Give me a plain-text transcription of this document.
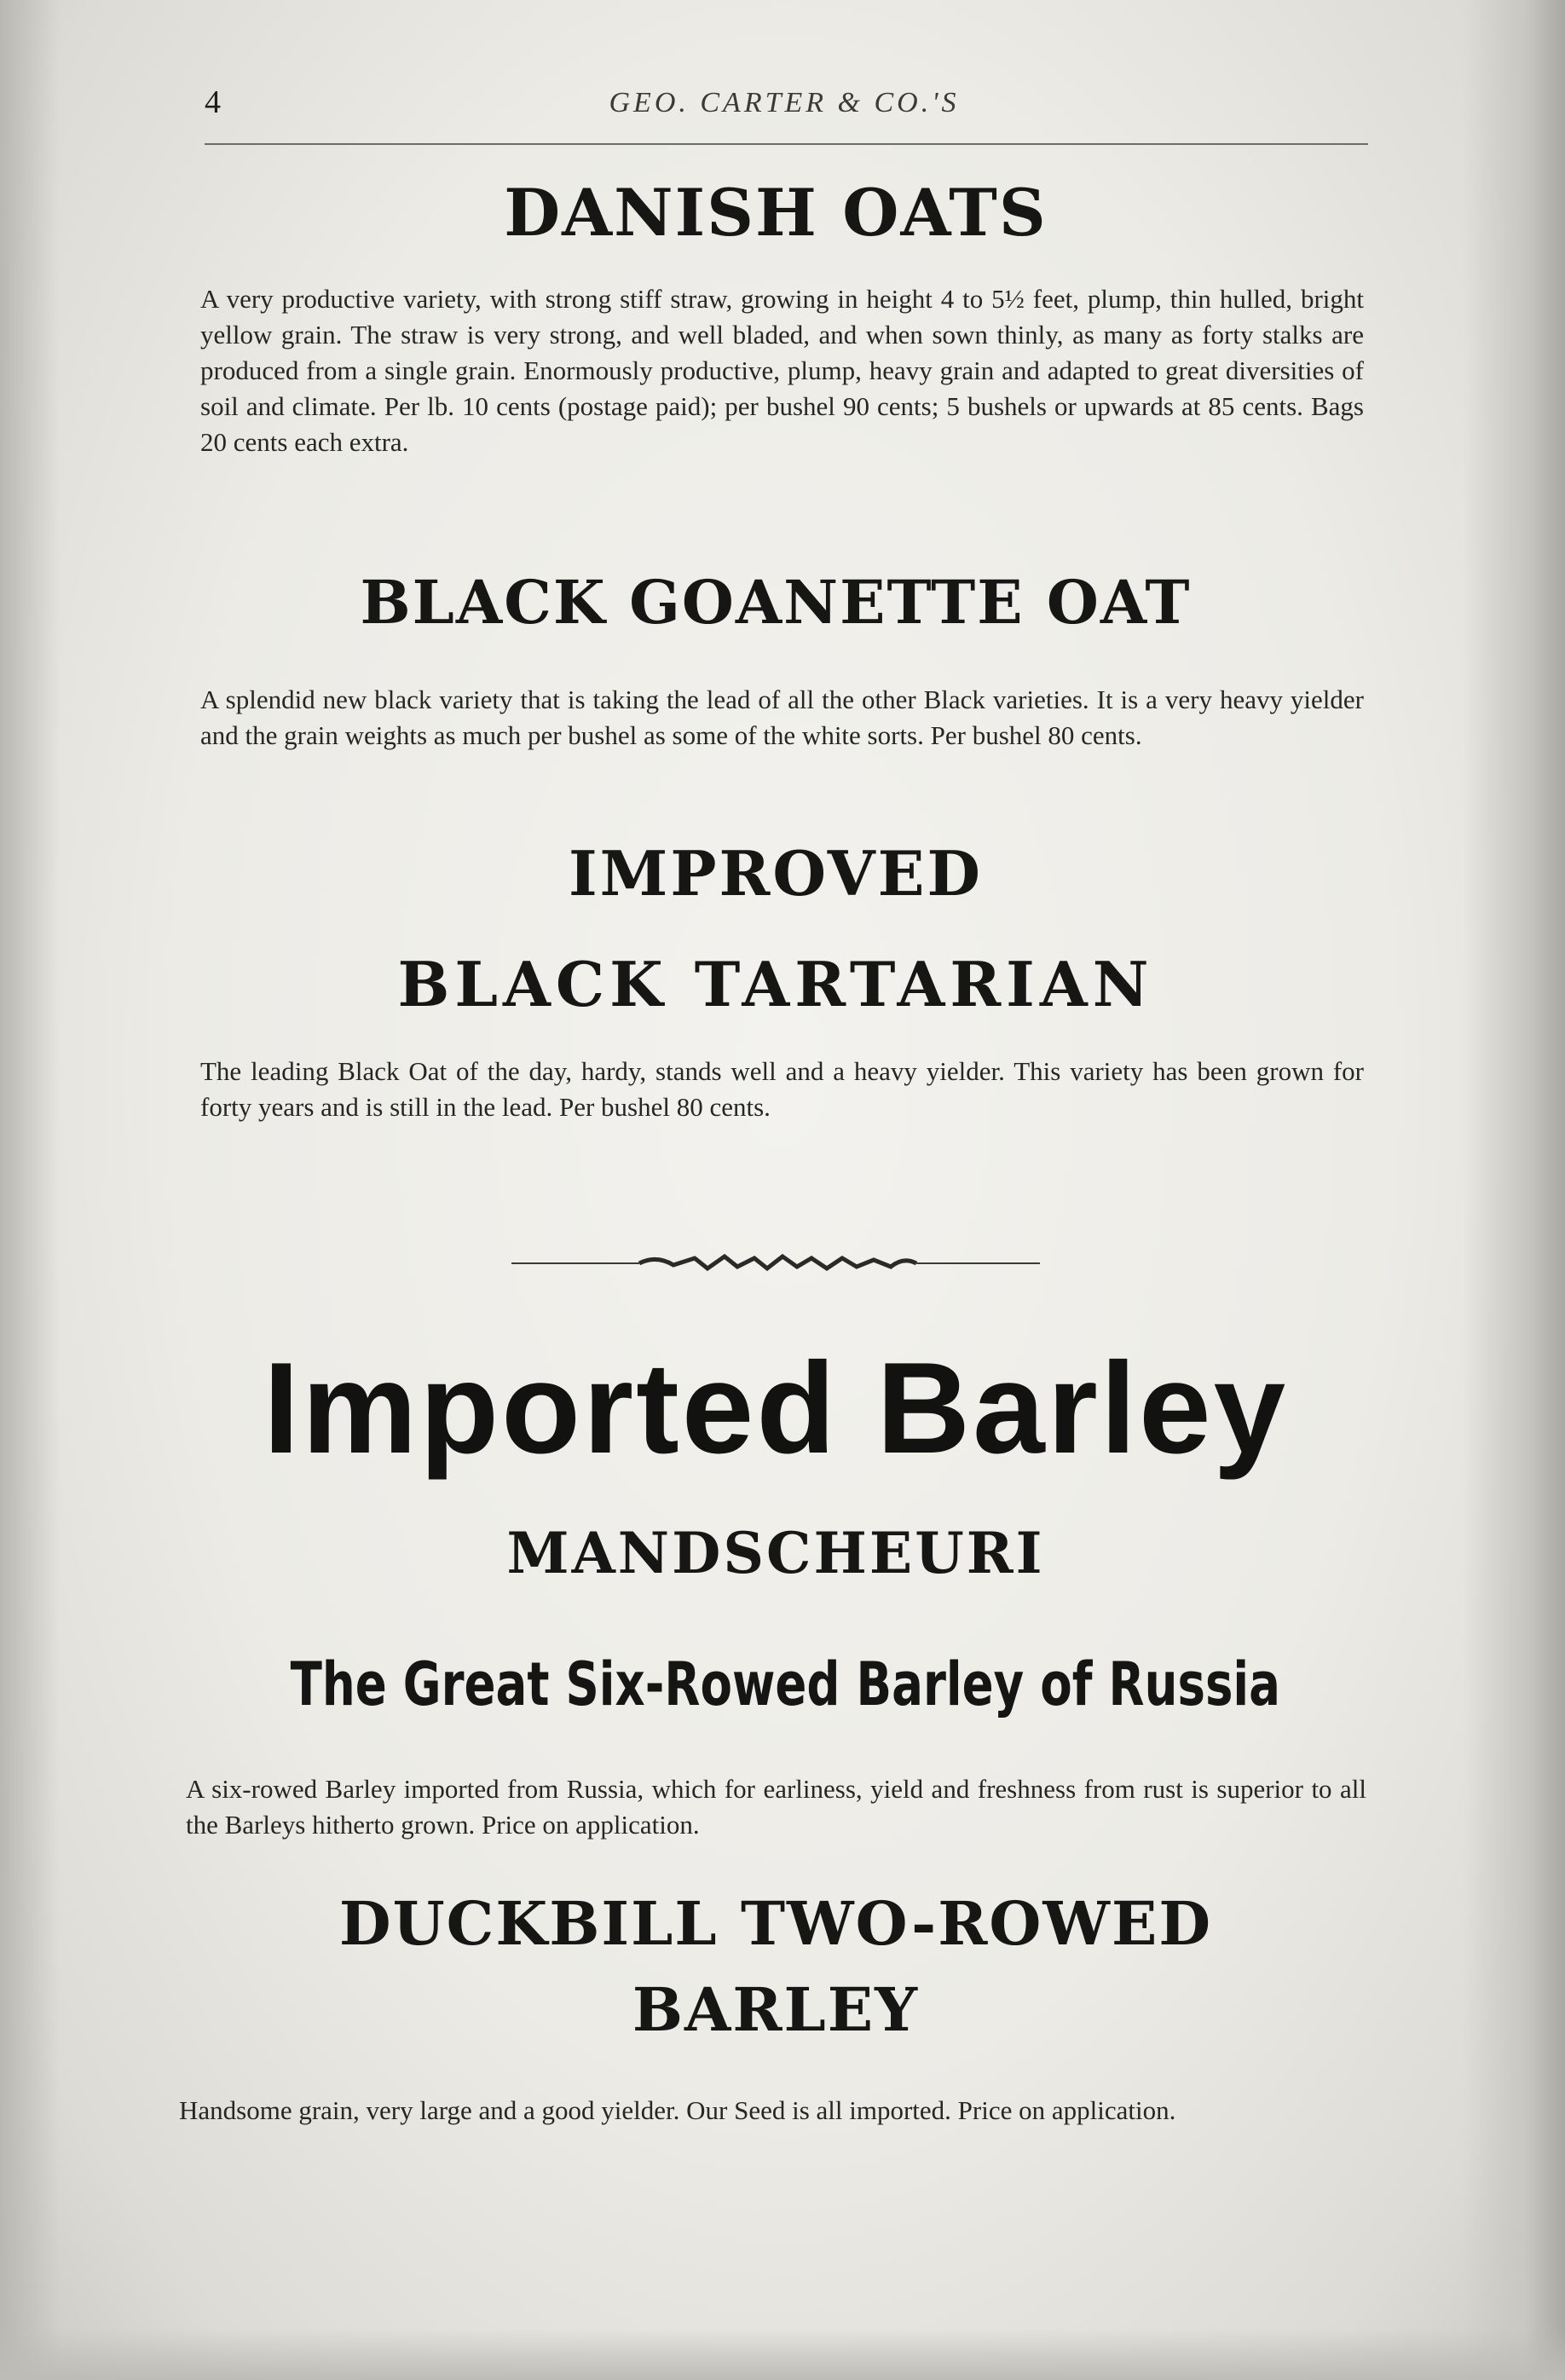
4	GEO. CARTER & CO.'S
DANISH OATS

A very productive variety, with strong stiff straw, growing in height 4 to 5½ feet, plump, thin hulled, bright yellow grain. The straw is very strong, and well bladed, and when sown thinly, as many as forty stalks are produced from a single grain. Enormously productive, plump, heavy grain and adapted to great diversities of soil and climate. Per lb. 10 cents (postage paid); per bushel 90 cents; 5 bushels or upwards at 85 cents. Bags 20 cents each extra.

BLACK GOANETTE OAT

A splendid new black variety that is taking the lead of all the other Black varieties. It is a very heavy yielder and the grain weights as much per bushel as some of the white sorts. Per bushel 80 cents.

IMPROVED
BLACK TARTARIAN

The leading Black Oat of the day, hardy, stands well and a heavy yielder. This variety has been grown for forty years and is still in the lead. Per bushel 80 cents.

Imported Barley
MANDSCHEURI
The Great Six-Rowed Barley of Russia

A six-rowed Barley imported from Russia, which for earliness, yield and freshness from rust is superior to all the Barleys hitherto grown. Price on application.

DUCKBILL TWO-ROWED
BARLEY

Handsome grain, very large and a good yielder. Our Seed is all imported. Price on application.
